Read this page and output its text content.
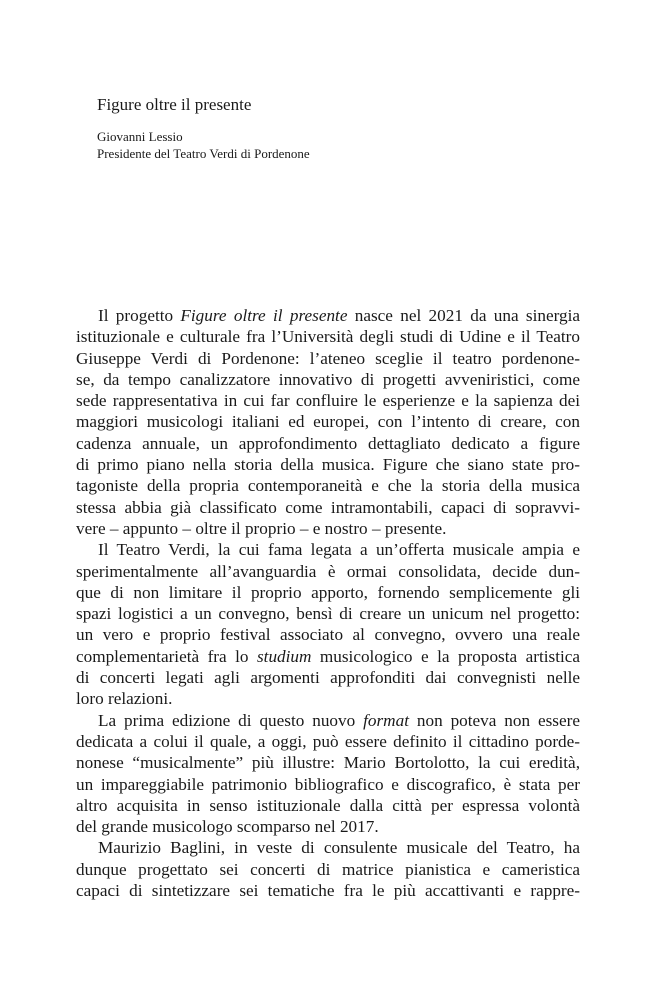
Figure oltre il presente
Giovanni Lessio
Presidente del Teatro Verdi di Pordenone
Il progetto Figure oltre il presente nasce nel 2021 da una sinergia
istituzionale e culturale fra l’Università degli studi di Udine e il Teatro
Giuseppe Verdi di Pordenone: l’ateneo sceglie il teatro pordenone-
se, da tempo canalizzatore innovativo di progetti avveniristici, come
sede rappresentativa in cui far confluire le esperienze e la sapienza dei
maggiori musicologi italiani ed europei, con l’intento di creare, con
cadenza annuale, un approfondimento dettagliato dedicato a figure
di primo piano nella storia della musica. Figure che siano state pro-
tagoniste della propria contemporaneità e che la storia della musica
stessa abbia già classificato come intramontabili, capaci di sopravvi-
vere – appunto – oltre il proprio – e nostro – presente.
Il Teatro Verdi, la cui fama legata a un’offerta musicale ampia e
sperimentalmente all’avanguardia è ormai consolidata, decide dun-
que di non limitare il proprio apporto, fornendo semplicemente gli
spazi logistici a un convegno, bensì di creare un unicum nel progetto:
un vero e proprio festival associato al convegno, ovvero una reale
complementarietà fra lo studium musicologico e la proposta artistica
di concerti legati agli argomenti approfonditi dai convegnisti nelle
loro relazioni.
La prima edizione di questo nuovo format non poteva non essere
dedicata a colui il quale, a oggi, può essere definito il cittadino porde-
nonese “musicalmente” più illustre: Mario Bortolotto, la cui eredità,
un impareggiabile patrimonio bibliografico e discografico, è stata per
altro acquisita in senso istituzionale dalla città per espressa volontà
del grande musicologo scomparso nel 2017.
Maurizio Baglini, in veste di consulente musicale del Teatro, ha
dunque progettato sei concerti di matrice pianistica e cameristica
capaci di sintetizzare sei tematiche fra le più accattivanti e rappre-
